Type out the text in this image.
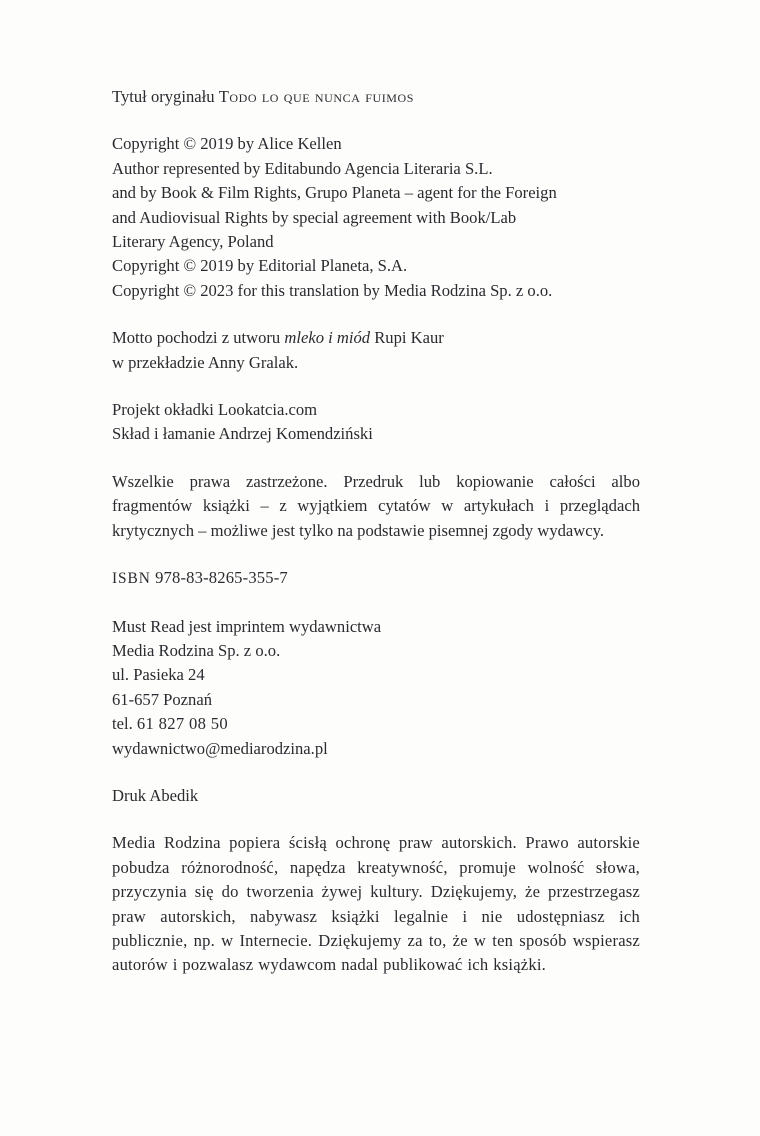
Tytuł oryginału Todo lo que nunca fuimos
Copyright © 2019 by Alice Kellen
Author represented by Editabundo Agencia Literaria S.L.
and by Book & Film Rights, Grupo Planeta – agent for the Foreign
and Audiovisual Rights by special agreement with Book/Lab
Literary Agency, Poland
Copyright © 2019 by Editorial Planeta, S.A.
Copyright © 2023 for this translation by Media Rodzina Sp. z o.o.
Motto pochodzi z utworu mleko i miód Rupi Kaur
w przekładzie Anny Gralak.
Projekt okładki Lookatcia.com
Skład i łamanie Andrzej Komendziński
Wszelkie prawa zastrzeżone. Przedruk lub kopiowanie całości albo fragmentów książki – z wyjątkiem cytatów w artykułach i przeglądach krytycznych – możliwe jest tylko na podstawie pisemnej zgody wydawcy.
ISBN 978-83-8265-355-7
Must Read jest imprintem wydawnictwa
Media Rodzina Sp. z o.o.
ul. Pasieka 24
61-657 Poznań
tel. 61 827 08 50
wydawnictwo@mediarodzina.pl
Druk Abedik
Media Rodzina popiera ścisłą ochronę praw autorskich. Prawo autorskie pobudza różnorodność, napędza kreatywność, promuje wolność słowa, przyczynia się do tworzenia żywej kultury. Dziękujemy, że przestrzegasz praw autorskich, nabywasz książki legalnie i nie udostępniasz ich publicznie, np. w Internecie. Dziękujemy za to, że w ten sposób wspierasz autorów i pozwalasz wydawcom nadal publikować ich książki.
